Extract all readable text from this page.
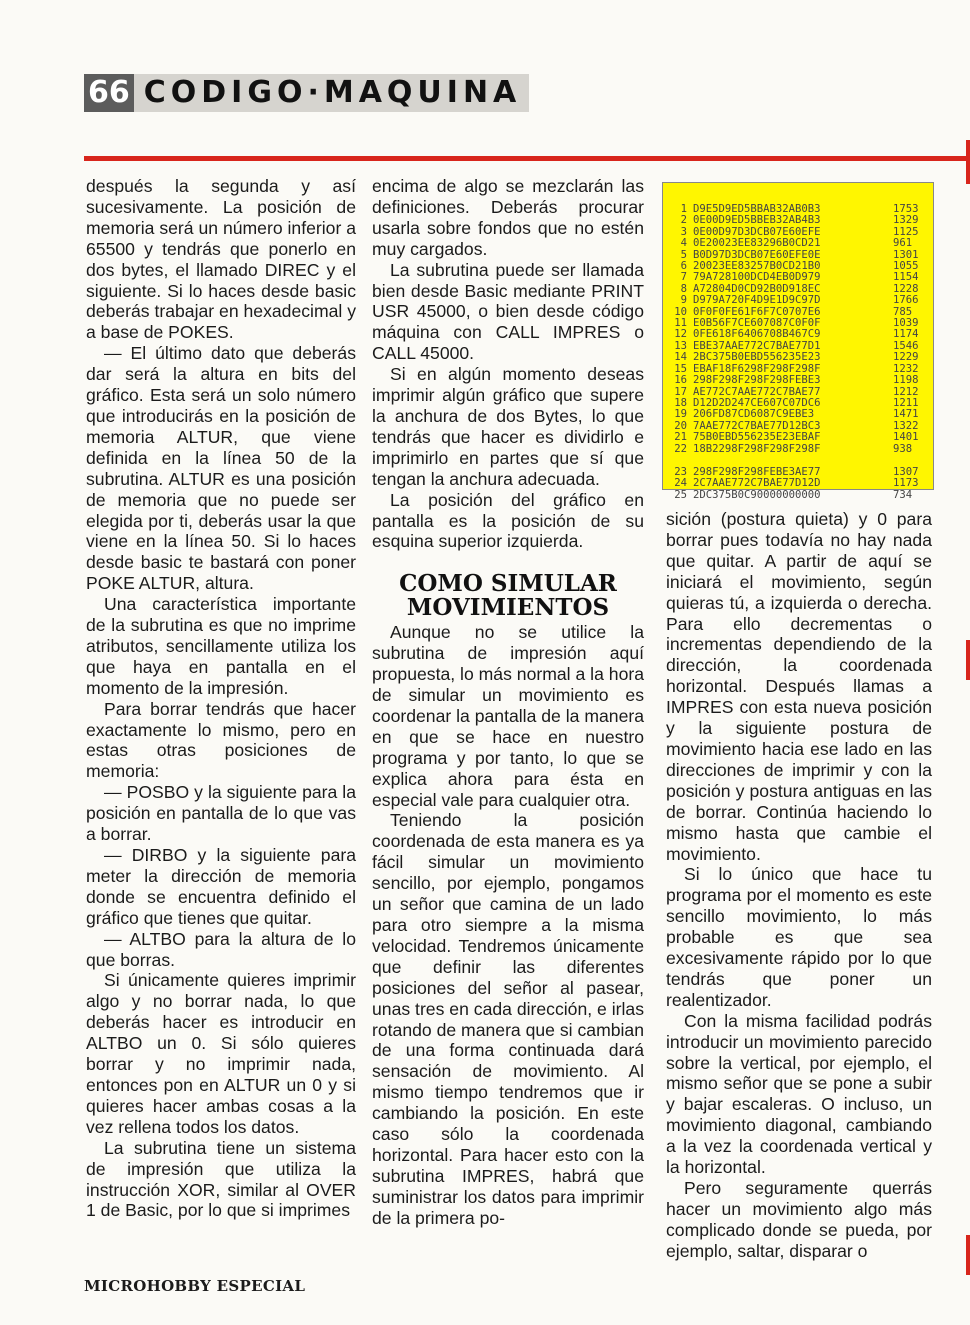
66 CODIGO·MAQUINA

después la segunda y así sucesivamente. La posición de memoria será un número inferior a 65500 y tendrás que ponerlo en dos bytes, el llamado DIREC y el siguiente. Si lo haces desde basic deberás trabajar en hexadecimal y a base de POKES.

— El último dato que deberás dar será la altura en bits del gráfico. Esta será un solo número que introducirás en la posición de memoria ALTUR, que viene definida en la línea 50 de la subrutina. ALTUR es una posición de memoria que no puede ser elegida por ti, deberás usar la que viene en la línea 50. Si lo haces desde basic te bastará con poner POKE ALTUR, altura.

Una característica importante de la subrutina es que no imprime atributos, sencillamente utiliza los que haya en pantalla en el momento de la impresión.

Para borrar tendrás que hacer exactamente lo mismo, pero en estas otras posiciones de memoria:

— POSBO y la siguiente para la posición en pantalla de lo que vas a borrar.

— DIRBO y la siguiente para meter la dirección de memoria donde se encuentra definido el gráfico que tienes que quitar.

— ALTBO para la altura de lo que borras.

Si únicamente quieres imprimir algo y no borrar nada, lo que deberás hacer es introducir en ALTBO un 0. Si sólo quieres borrar y no imprimir nada, entonces pon en ALTUR un 0 y si quieres hacer ambas cosas a la vez rellena todos los datos.

La subrutina tiene un sistema de impresión que utiliza la instrucción XOR, similar al OVER 1 de Basic, por lo que si imprimes

encima de algo se mezclarán las definiciones. Deberás procurar usarla sobre fondos que no estén muy cargados.

La subrutina puede ser llamada bien desde Basic mediante PRINT USR 45000, o bien desde código máquina con CALL IMPRES o CALL 45000.

Si en algún momento deseas imprimir algún gráfico que supere la anchura de dos Bytes, lo que tendrás que hacer es dividirlo e imprimirlo en partes que sí que tengan la anchura adecuada.

La posición del gráfico en pantalla es la posición de su esquina superior izquierda.

COMO SIMULAR MOVIMIENTOS

Aunque no se utilice la subrutina de impresión aquí propuesta, lo más normal a la hora de simular un movimiento es coordenar la pantalla de la manera en que se hace en nuestro programa y por tanto, lo que se explica ahora para ésta en especial vale para cualquier otra.

Teniendo la posición coordenada de esta manera es ya fácil simular un movimiento sencillo, por ejemplo, pongamos un señor que camina de un lado para otro siempre a la misma velocidad. Tendremos únicamente que definir las diferentes posiciones del señor al pasear, unas tres en cada dirección, e irlas rotando de manera que si cambian de una forma continuada dará sensación de movimiento. Al mismo tiempo tendremos que ir cambiando la posición. En este caso sólo la coordenada horizontal. Para hacer esto con la subrutina IMPRES, habrá que suministrar los datos para imprimir de la primera po-

1 D9E5D9ED5BBAB32AB0B3	1753
2 0E00D9ED5BBEB32AB4B3	1329
3 0E00D97D3DCB07E60EFE	1125
4 0E20023EE83296B0CD21	961
5 B0D97D3DCB07E60EFE0E	1301
6 20023EE83257B0CD21B0	1055
7 79A728100DCD4EB0D979	1154
8 A72804D0CD92B0D918EC	1228
9 D979A720F4D9E1D9C97D	1766
10 0F0F0FE61F6F7C0707E6	785
11 E0B56F7CE607087C0F0F	1039
12 0FE618F6406708B467C9	1174
13 EBE37AAE772C7BAE77D1	1546
14 2BC375B0EBD556235E23	1229
15 EBAF18F6298F298F298F	1232
16 298F298F298F298FEBE3	1198
17 AE772C7AAE772C7BAE77	1212
18 D12D2D247CE607C07DC6	1211
19 206FD87CD6087C9EBE3	1471
20 7AAE772C7BAE77D12BC3	1322
21 75B0EBD556235E23EBAF	1401
22 18B2298F298F298F298F	938
23 298F298F298FEBE3AE77	1307
24 2C7AAE772C7BAE77D12D	1173
25 2DC375B0C90000000000	734

sición (postura quieta) y 0 para borrar pues todavía no hay nada que quitar. A partir de aquí se iniciará el movimiento, según quieras tú, a izquierda o derecha. Para ello decrementas o incrementas dependiendo de la dirección, la coordenada horizontal. Después llamas a IMPRES con esta nueva posición y la siguiente postura de movimiento hacia ese lado en las direcciones de imprimir y con la posición y postura antiguas en las de borrar. Continúa haciendo lo mismo hasta que cambie el movimiento.

Si lo único que hace tu programa por el momento es este sencillo movimiento, lo más probable es que sea excesivamente rápido por lo que tendrás que poner un realentizador.

Con la misma facilidad podrás introducir un movimiento parecido sobre la vertical, por ejemplo, el mismo señor que se pone a subir y bajar escaleras. O incluso, un movimiento diagonal, cambiando a la vez la coordenada vertical y la horizontal.

Pero seguramente querrás hacer un movimiento algo más complicado donde se pueda, por ejemplo, saltar, disparar o

MICROHOBBY ESPECIAL
